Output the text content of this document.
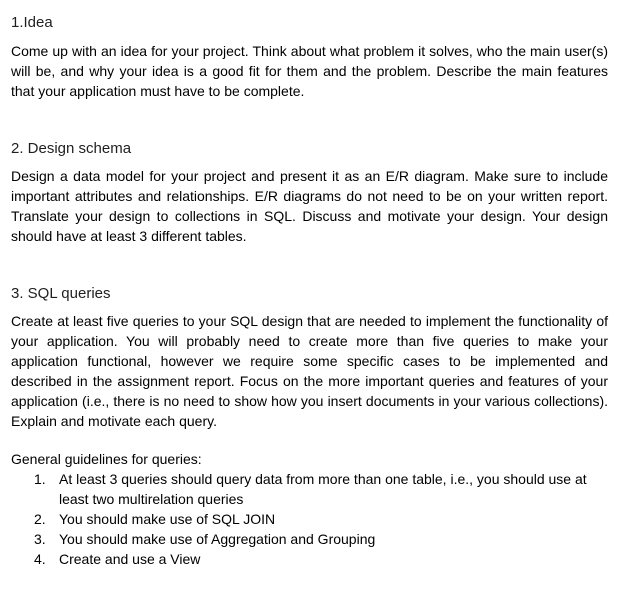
1.Idea

Come up with an idea for your project. Think about what problem it solves, who the main user(s) will be, and why your idea is a good fit for them and the problem. Describe the main features that your application must have to be complete.

2. Design schema

Design a data model for your project and present it as an E/R diagram. Make sure to include important attributes and relationships. E/R diagrams do not need to be on your written report. Translate your design to collections in SQL. Discuss and motivate your design. Your design should have at least 3 different tables.

3. SQL queries

Create at least five queries to your SQL design that are needed to implement the functionality of your application. You will probably need to create more than five queries to make your application functional, however we require some specific cases to be implemented and described in the assignment report. Focus on the more important queries and features of your application (i.e., there is no need to show how you insert documents in your various collections). Explain and motivate each query.

General guidelines for queries:

1. At least 3 queries should query data from more than one table, i.e., you should use at least two multirelation queries
2. You should make use of SQL JOIN
3. You should make use of Aggregation and Grouping
4. Create and use a View
